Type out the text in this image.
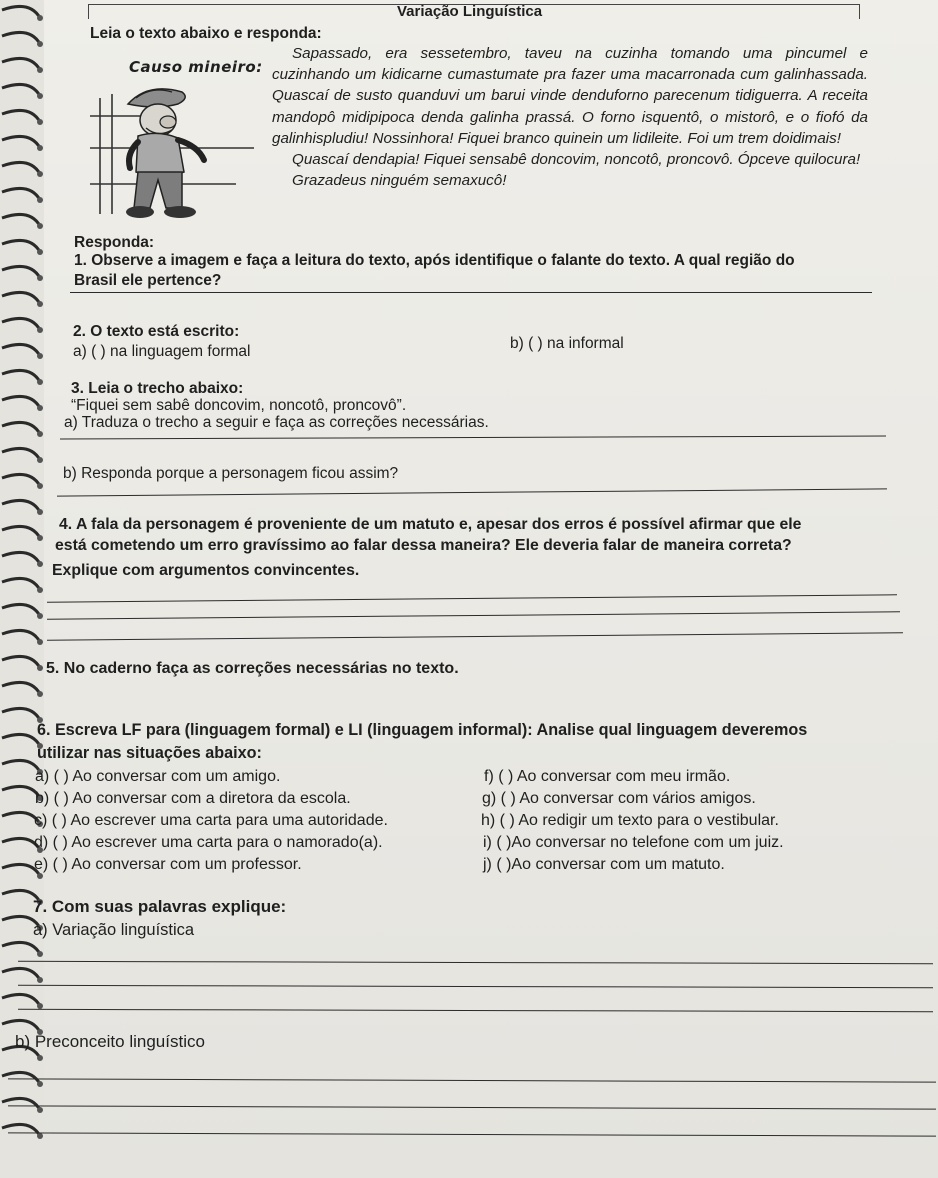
Variação Linguística
Leia o texto abaixo e responda:
Causo mineiro:

Sapassado, era sessetembro, taveu na cuzinha tomando uma pincumel e cuzinhando um kidicarne cumastumate pra fazer uma macarronada cum galinhassada. Quascaí de susto quanduvi um barui vinde denduforno parecenum tidiguerra. A receita mandopô midipipoca denda galinha prassá. O forno isquentô, o mistorô, e o fiofó da galinhispludiu! Nossinhora! Fiquei branco quinein um lidileite. Foi um trem doidimais!

Quascaí dendapia! Fiquei sensabê doncovim, noncotô, proncovô. Ópceve quilocura!

Grazadeus ninguém semaxucô!

Responda:
1. Observe a imagem e faça a leitura do texto, após identifique o falante do texto. A qual região do
Brasil ele pertence?
2. O texto está escrito:
a) ( ) na linguagem formal	b) ( ) na informal
3. Leia o trecho abaixo:
“Fiquei sem sabê doncovim, noncotô, proncovô”.
a) Traduza o trecho a seguir e faça as correções necessárias.
b) Responda porque a personagem ficou assim?
4. A fala da personagem é proveniente de um matuto e, apesar dos erros é possível afirmar que ele
está cometendo um erro gravíssimo ao falar dessa maneira? Ele deveria falar de maneira correta?
Explique com argumentos convincentes.
5. No caderno faça as correções necessárias no texto.
6. Escreva LF para (linguagem formal) e LI (linguagem informal): Analise qual linguagem deveremos
utilizar nas situações abaixo:
a) ( ) Ao conversar com um amigo.
b) ( ) Ao conversar com a diretora da escola.
c) ( ) Ao escrever uma carta para uma autoridade.
d) ( ) Ao escrever uma carta para o namorado(a).
e) ( ) Ao conversar com um professor.
f) ( ) Ao conversar com meu irmão.
g) ( ) Ao conversar com vários amigos.
h) ( ) Ao redigir um texto para o vestibular.
i) ( )Ao conversar no telefone com um juiz.
j) ( )Ao conversar com um matuto.
7. Com suas palavras explique:
a) Variação linguística
b) Preconceito linguístico
